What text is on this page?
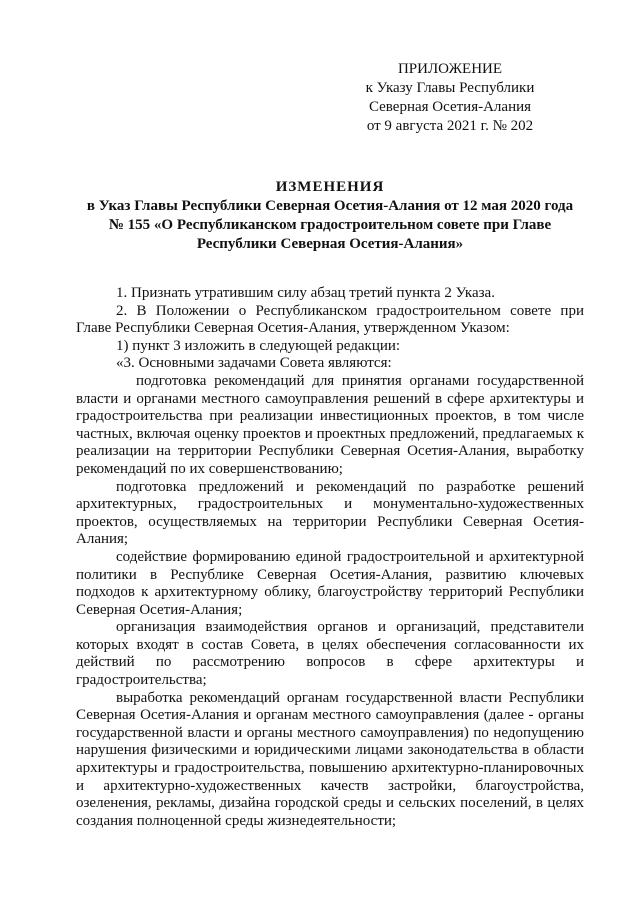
ПРИЛОЖЕНИЕ
к Указу Главы Республики
Северная Осетия-Алания
от 9 августа 2021 г. № 202
ИЗМЕНЕНИЯ
в Указ Главы Республики Северная Осетия-Алания от 12 мая 2020 года
№ 155 «О Республиканском градостроительном совете при Главе
Республики Северная Осетия-Алания»

1. Признать утратившим силу абзац третий пункта 2 Указа.

2. В Положении о Республиканском градостроительном совете при Главе Республики Северная Осетия-Алания, утвержденном Указом:

1) пункт 3 изложить в следующей редакции:

«3. Основными задачами Совета являются:

подготовка рекомендаций для принятия органами государственной власти и органами местного самоуправления решений в сфере архитектуры и градостроительства при реализации инвестиционных проектов, в том числе частных, включая оценку проектов и проектных предложений, предлагаемых к реализации на территории Республики Северная Осетия-Алания, выработку рекомендаций по их совершенствованию;

подготовка предложений и рекомендаций по разработке решений архитектурных, градостроительных и монументально-художественных проектов, осуществляемых на территории Республики Северная Осетия-Алания;

содействие формированию единой градостроительной и архитектурной политики в Республике Северная Осетия-Алания, развитию ключевых подходов к архитектурному облику, благоустройству территорий Республики Северная Осетия-Алания;

организация взаимодействия органов и организаций, представители которых входят в состав Совета, в целях обеспечения согласованности их действий по рассмотрению вопросов в сфере архитектуры и градостроительства;

выработка рекомендаций органам государственной власти Республики Северная Осетия-Алания и органам местного самоуправления (далее - органы государственной власти и органы местного самоуправления) по недопущению нарушения физическими и юридическими лицами законодательства в области архитектуры и градостроительства, повышению архитектурно-планировочных и архитектурно-художественных качеств застройки, благоустройства, озеленения, рекламы, дизайна городской среды и сельских поселений, в целях создания полноценной среды жизнедеятельности;
